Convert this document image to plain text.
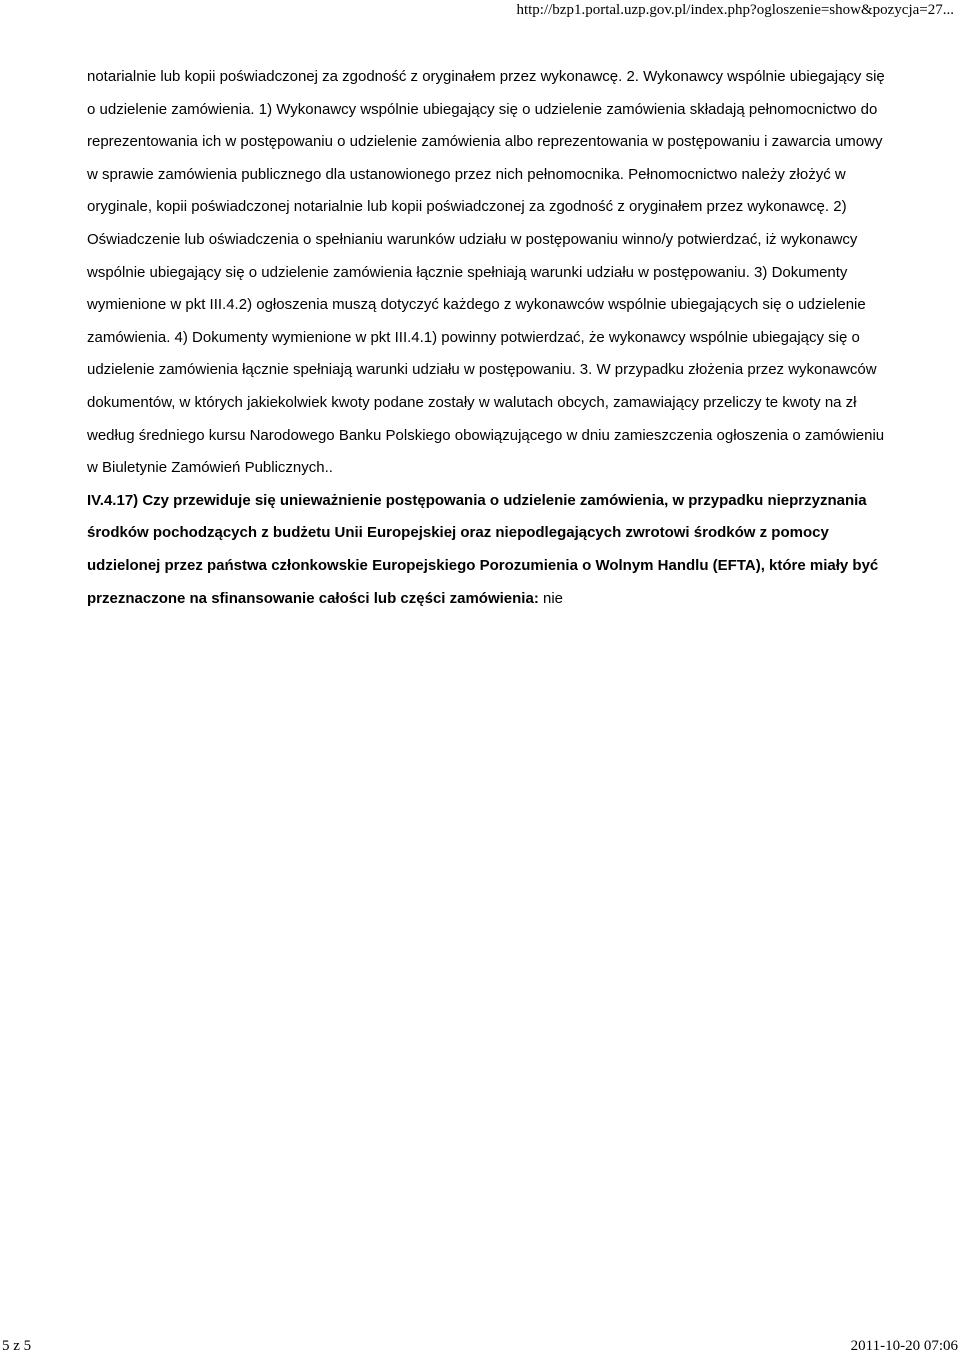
http://bzp1.portal.uzp.gov.pl/index.php?ogloszenie=show&pozycja=27...

notarialnie lub kopii poświadczonej za zgodność z oryginałem przez wykonawcę. 2. Wykonawcy wspólnie ubiegający się o udzielenie zamówienia. 1) Wykonawcy wspólnie ubiegający się o udzielenie zamówienia składają pełnomocnictwo do reprezentowania ich w postępowaniu o udzielenie zamówienia albo reprezentowania w postępowaniu i zawarcia umowy w sprawie zamówienia publicznego dla ustanowionego przez nich pełnomocnika. Pełnomocnictwo należy złożyć w oryginale, kopii poświadczonej notarialnie lub kopii poświadczonej za zgodność z oryginałem przez wykonawcę. 2) Oświadczenie lub oświadczenia o spełnianiu warunków udziału w postępowaniu winno/y potwierdzać, iż wykonawcy wspólnie ubiegający się o udzielenie zamówienia łącznie spełniają warunki udziału w postępowaniu. 3) Dokumenty wymienione w pkt III.4.2) ogłoszenia muszą dotyczyć każdego z wykonawców wspólnie ubiegających się o udzielenie zamówienia. 4) Dokumenty wymienione w pkt III.4.1) powinny potwierdzać, że wykonawcy wspólnie ubiegający się o udzielenie zamówienia łącznie spełniają warunki udziału w postępowaniu. 3. W przypadku złożenia przez wykonawców dokumentów, w których jakiekolwiek kwoty podane zostały w walutach obcych, zamawiający przeliczy te kwoty na zł według średniego kursu Narodowego Banku Polskiego obowiązującego w dniu zamieszczenia ogłoszenia o zamówieniu w Biuletynie Zamówień Publicznych..

IV.4.17) Czy przewiduje się unieważnienie postępowania o udzielenie zamówienia, w przypadku nieprzyznania środków pochodzących z budżetu Unii Europejskiej oraz niepodlegających zwrotowi środków z pomocy udzielonej przez państwa członkowskie Europejskiego Porozumienia o Wolnym Handlu (EFTA), które miały być przeznaczone na sfinansowanie całości lub części zamówienia: nie

5 z 5	2011-10-20 07:06
